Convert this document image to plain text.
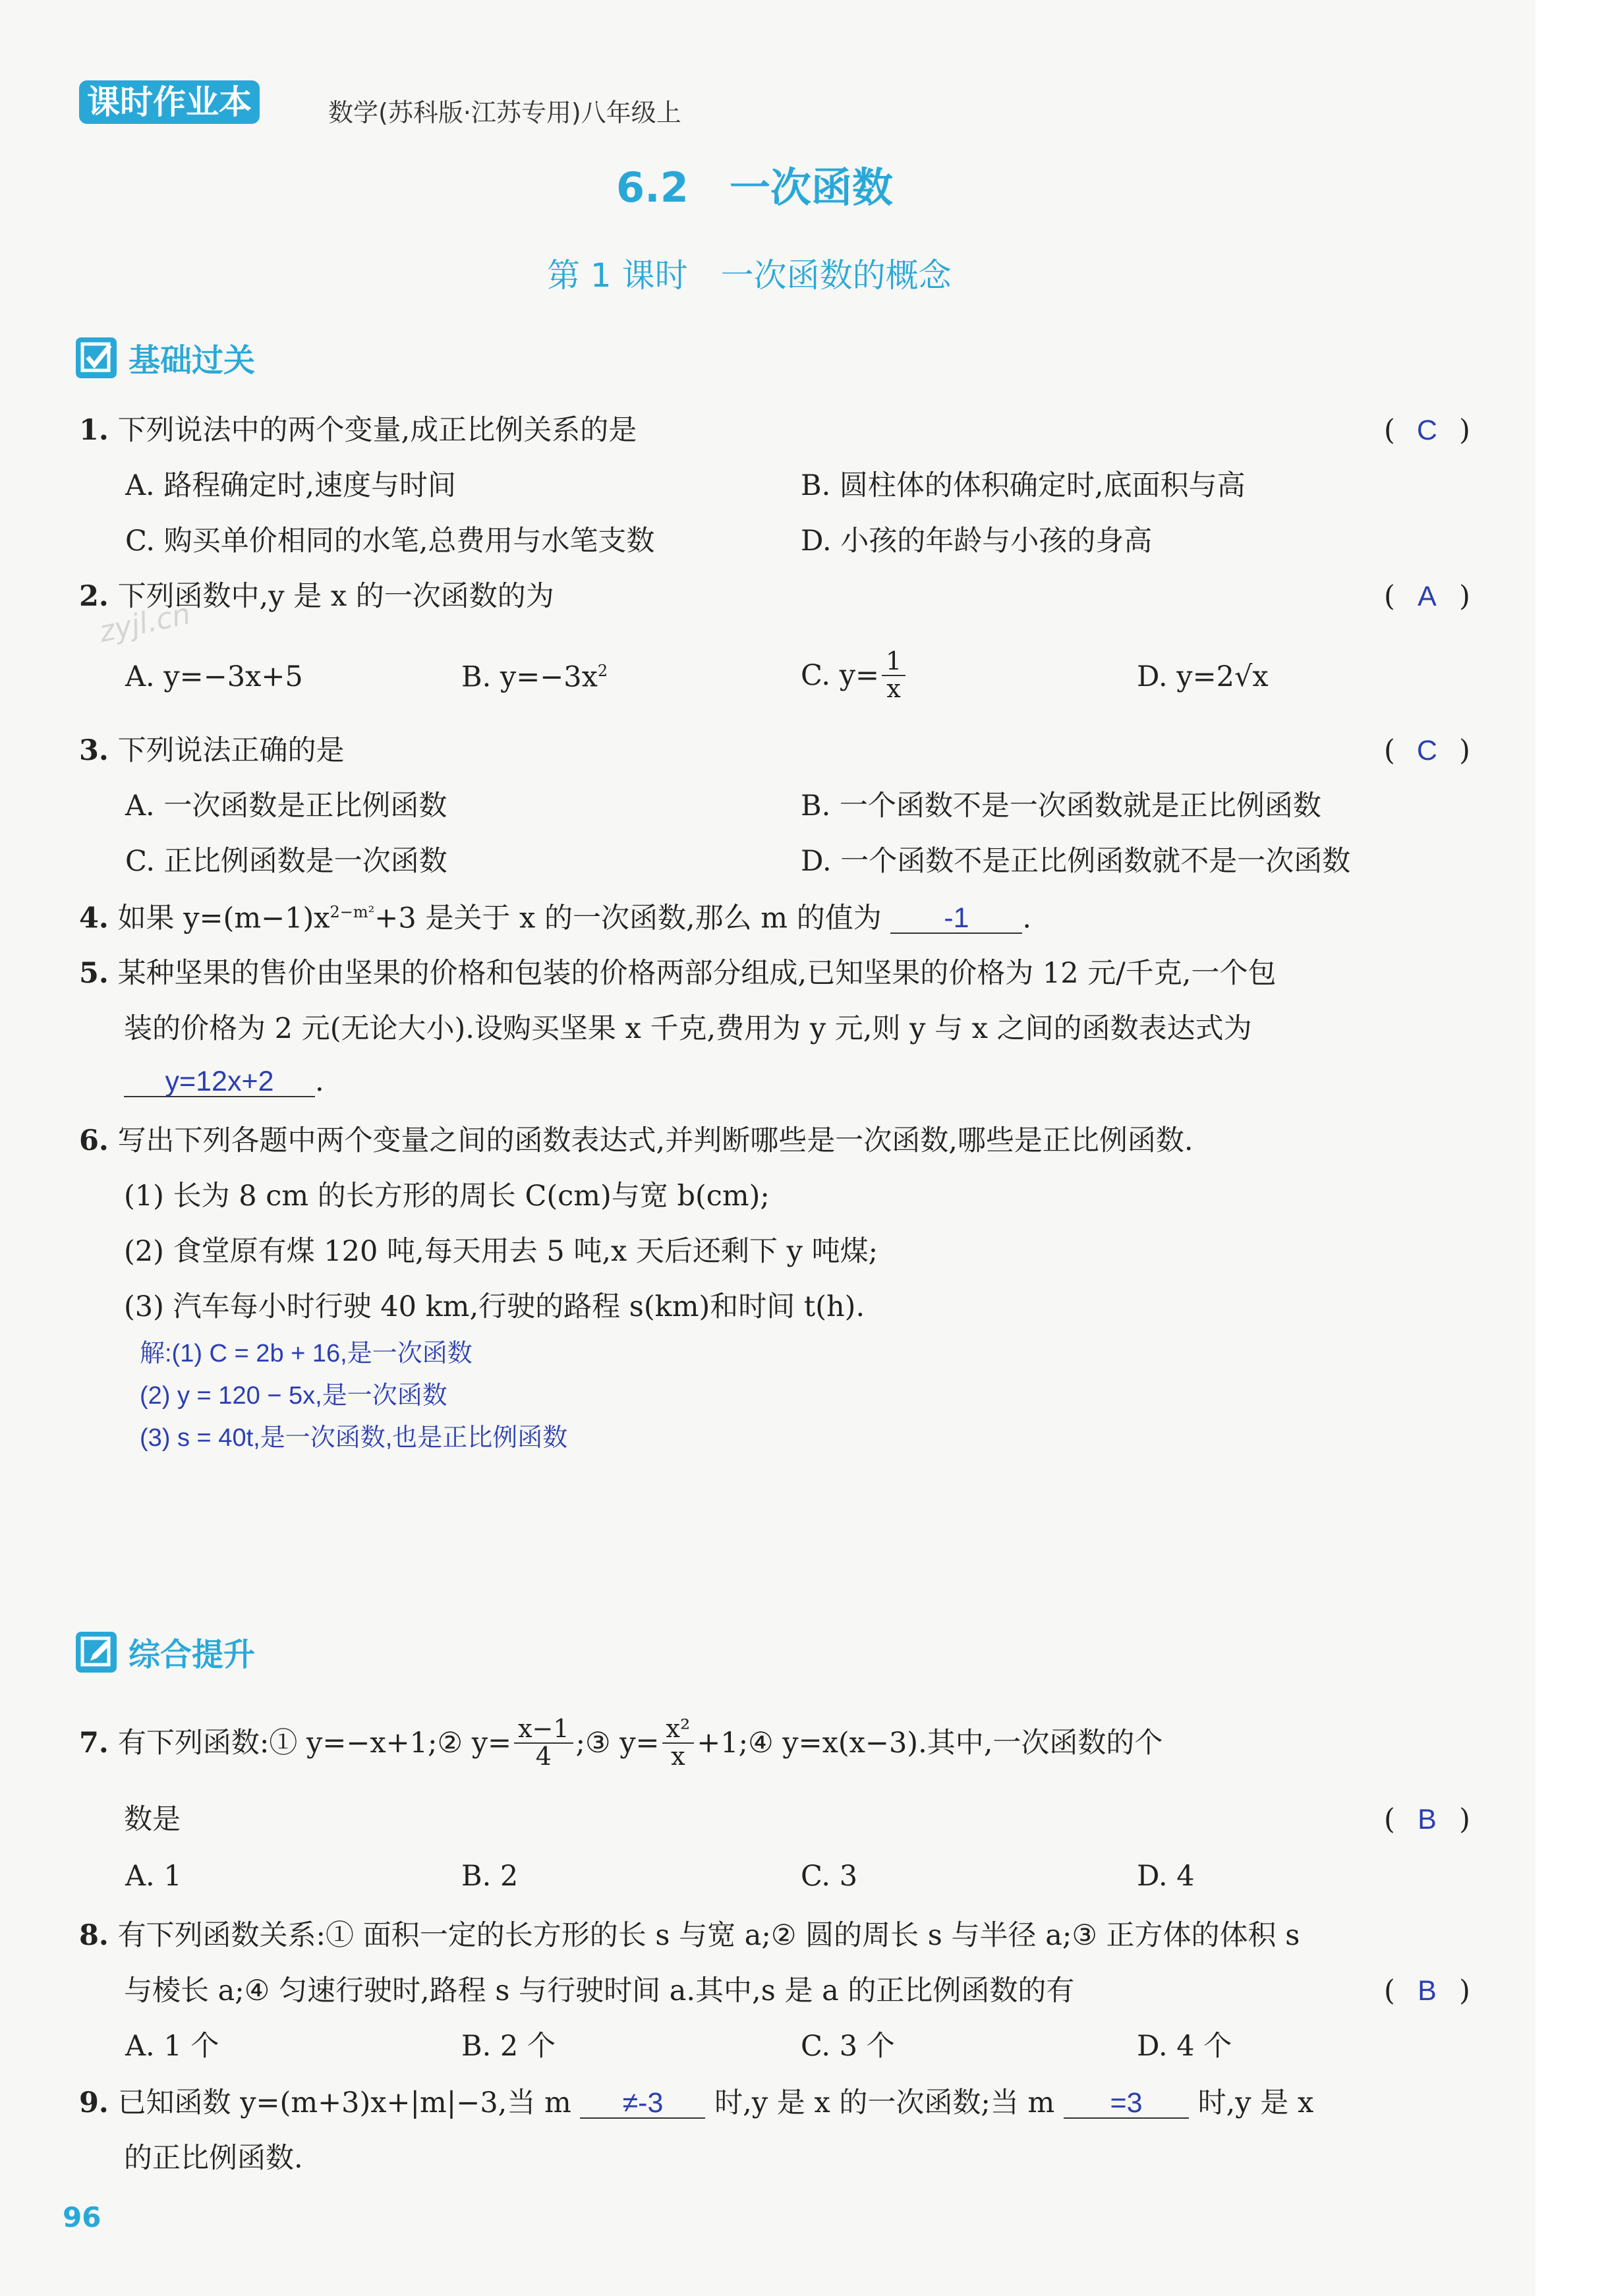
课时作业本	数学(苏科版·江苏专用)八年级上
6.2　一次函数
第 1 课时　一次函数的概念
基础过关
1. 下列说法中的两个变量,成正比例关系的是	( C )
A. 路程确定时,速度与时间	B. 圆柱体的体积确定时,底面积与高
C. 购买单价相同的水笔,总费用与水笔支数	D. 小孩的年龄与小孩的身高
2. 下列函数中,y 是 x 的一次函数的为	( A )
zyjl.cn
A. y=−3x+5	B. $y=-3x^2$	C. $y= \frac{1}{x}$	D. y=2√x
3. 下列说法正确的是	( C )
A. 一次函数是正比例函数	B. 一个函数不是一次函数就是正比例函数
C. 正比例函数是一次函数	D. 一个函数不是正比例函数就不是一次函数
4. 如果 $y=(m-1)x^{2-m^2}+3$ 是关于 x 的一次函数,那么 m 的值为 -1 .
5. 某种坚果的售价由坚果的价格和包装的价格两部分组成,已知坚果的价格为 12 元/千克,一个包
装的价格为 2 元(无论大小).设购买坚果 x 千克,费用为 y 元,则 y 与 x 之间的函数表达式为
y=12x+2 .
6. 写出下列各题中两个变量之间的函数表达式,并判断哪些是一次函数,哪些是正比例函数.
(1) 长为 8 cm 的长方形的周长 C(cm)与宽 b(cm);
(2) 食堂原有煤 120 吨,每天用去 5 吨,x 天后还剩下 y 吨煤;
(3) 汽车每小时行驶 40 km,行驶的路程 s(km)和时间 t(h).
解:(1) C = 2b + 16,是一次函数
(2) y = 120 − 5x,是一次函数
(3) s = 40t,是一次函数,也是正比例函数
综合提升
7. 有下列函数:① y=−x+1;② $y= \frac{x-1}{4}$ ;③ $y= \frac{\text{x²}}{x}$ +1;④ y=x(x−3).其中,一次函数的个
数是	( B )
A. 1	B. 2	C. 3	D. 4
8. 有下列函数关系:① 面积一定的长方形的长 s 与宽 a;② 圆的周长 s 与半径 a;③ 正方体的体积 s
与棱长 a;④ 匀速行驶时,路程 s 与行驶时间 a.其中,s 是 a 的正比例函数的有	( B )
A. 1 个	B. 2 个	C. 3 个	D. 4 个
9. 已知函数 y=(m+3)x+|m|−3,当 m ≠-3 时,y 是 x 的一次函数;当 m =3 时,y 是 x
的正比例函数.
96
